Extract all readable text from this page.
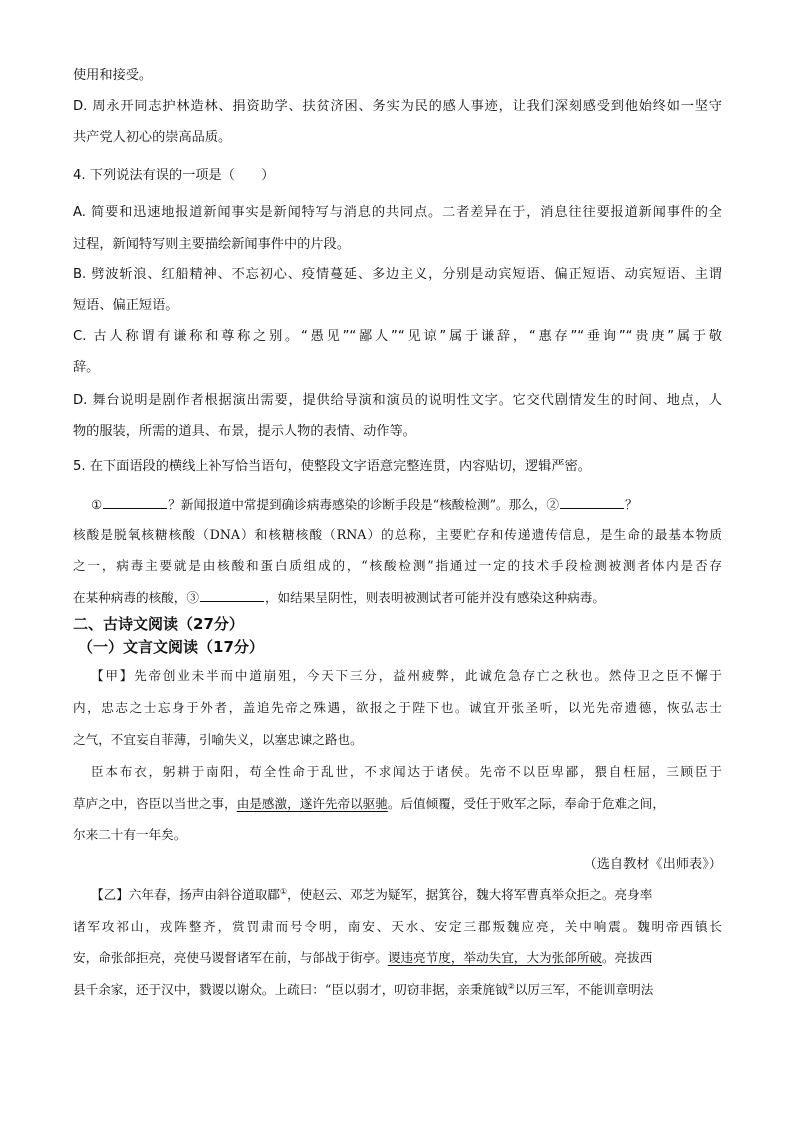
使用和接受。
D. 周永开同志护林造林、捐资助学、扶贫济困、务实为民的感人事迹，让我们深刻感受到他始终如一坚守
共产党人初心的崇高品质。
4. 下列说法有误的一项是（　　）
A. 简要和迅速地报道新闻事实是新闻特写与消息的共同点。二者差异在于，消息往往要报道新闻事件的全
过程，新闻特写则主要描绘新闻事件中的片段。
B. 劈波斩浪、红船精神、不忘初心、疫情蔓延、多边主义，分别是动宾短语、偏正短语、动宾短语、主谓
短语、偏正短语。
C. 古人称谓有谦称和尊称之别。“愚见”“鄙人”“见谅”属于谦辞，“惠存”“垂询”“贵庚”属于敬
辞。
D. 舞台说明是剧作者根据演出需要，提供给导演和演员的说明性文字。它交代剧情发生的时间、地点，人
物的服装，所需的道具、布景，提示人物的表情、动作等。
5. 在下面语段的横线上补写恰当语句，使整段文字语意完整连贯，内容贴切，逻辑严密。
①	？新闻报道中常提到确诊病毒感染的诊断手段是“核酸检测”。那么，②	？
核酸是脱氧核糖核酸（DNA）和核糖核酸（RNA）的总称，主要贮存和传递遗传信息，是生命的最基本物质
之一，病毒主要就是由核酸和蛋白质组成的，“核酸检测”指通过一定的技术手段检测被测者体内是否存
在某种病毒的核酸，③	，如结果呈阴性，则表明被测试者可能并没有感染这种病毒。
二、古诗文阅读（27分）
（一）文言文阅读（17分）
【甲】先帝创业未半而中道崩殂，今天下三分，益州疲弊，此诚危急存亡之秋也。然侍卫之臣不懈于
内，忠志之士忘身于外者，盖追先帝之殊遇，欲报之于陛下也。诚宜开张圣听，以光先帝遗德，恢弘志士
之气，不宜妄自菲薄，引喻失义，以塞忠谏之路也。
臣本布衣，躬耕于南阳，苟全性命于乱世，不求闻达于诸侯。先帝不以臣卑鄙，猥自枉屈，三顾臣于
草庐之中，咨臣以当世之事，由是感激，遂许先帝以驱驰。后值倾覆，受任于败军之际，奉命于危难之间，
尔来二十有一年矣。
（选自教材《出师表》）
【乙】六年春，扬声由斜谷道取郿①，使赵云、邓芝为疑军，据箕谷，魏大将军曹真举众拒之。亮身率
诸军攻祁山，戎阵整齐，赏罚肃而号令明，南安、天水、安定三郡叛魏应亮，关中响震。魏明帝西镇长
安，命张郃拒亮，亮使马谡督诸军在前，与郃战于街亭。谡违亮节度，举动失宜，大为张郃所破。亮拔西
县千余家，还于汉中，戮谡以谢众。上疏曰：“臣以弱才，叨窃非据，亲秉旄钺②以厉三军，不能训章明法
